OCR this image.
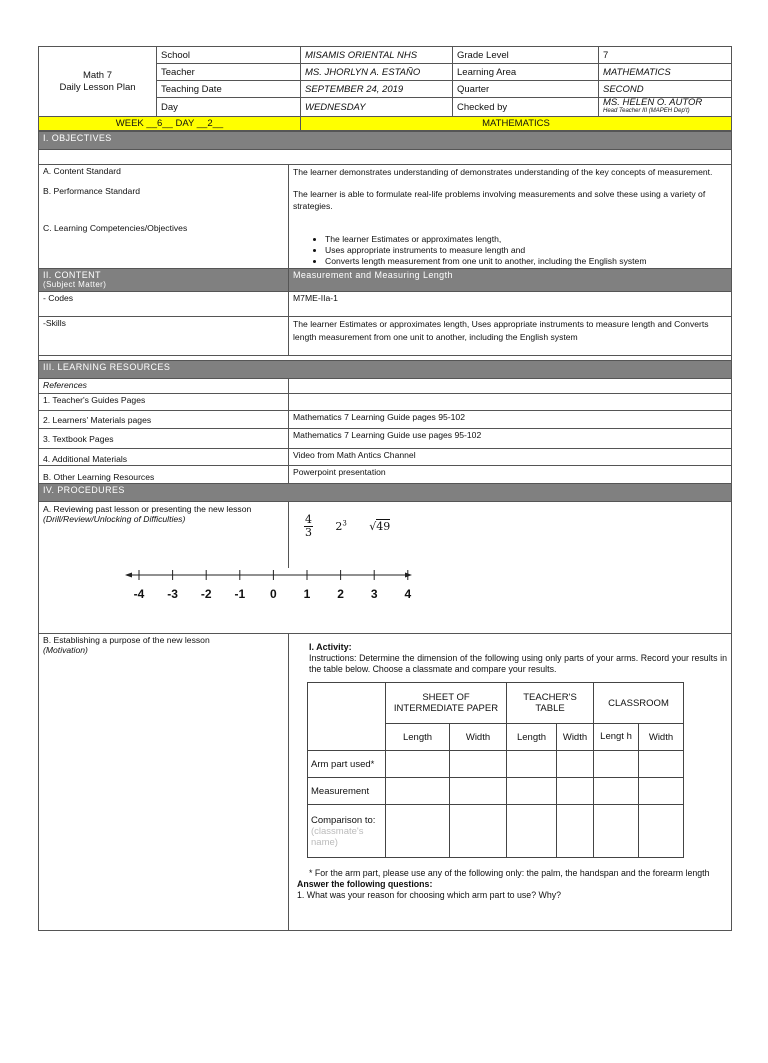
Math 7
Daily Lesson Plan	School	MISAMIS ORIENTAL NHS	Grade Level	7
	Teacher	MS. JHORLYN A. ESTAÑO	Learning Area	MATHEMATICS
	Teaching Date	SEPTEMBER 24, 2019	Quarter	SECOND
	Day	WEDNESDAY	Checked by	MS. HELEN O. AUTOR
Head Teacher III (MAPEH Dep't)

WEEK __6__ DAY __2__		MATHEMATICS		
I. OBJECTIVES

A. Content Standard	The learner demonstrates understanding of demonstrates understanding of the key concepts of measurement.
B. Performance Standard	The learner is able to formulate real-life problems involving measurements and solve these using a variety of strategies.
C. Learning Competencies/Objectives	
• The learner Estimates or approximates length,
• Uses appropriate instruments to measure length and
• Converts length measurement from one unit to another, including the English system

II. CONTENT
(Subject Matter)
	Measurement and Measuring Length
- Codes	M7ME-IIa-1
-Skills	The learner Estimates or approximates length, Uses appropriate instruments to measure length and Converts length measurement from one unit to another, including the English system

III. LEARNING RESOURCES
References	
1. Teacher's Guides Pages	
2. Learners' Materials pages	Mathematics 7 Learning Guide pages 95-102
3. Textbook Pages	Mathematics 7 Learning Guide use pages 95-102
4. Additional Materials	Video from Math Antics Channel
B. Other Learning Resources	Powerpoint presentation
IV. PROCEDURES

A. Reviewing past lesson or presenting the new lesson
(Drill/Review/Unlocking of Difficulties)	$\frac{4}{3} 2^3$ √49
-4 -3 -2 -1 0 1 2 3 4

B. Establishing a purpose of the new lesson
(Motivation)	I. Activity:
Instructions: Determine the dimension of the following using only parts of your arms. Record your results in the table below. Choose a classmate and compare your results.
	SHEET OF INTERMEDIATE PAPER	TEACHER'S TABLE	CLASSROOM
Length	Width	Length	Width	Lengt h	Width
Arm part used*						
Measurement						

Comparison to:
(classmate's name)

* For the arm part, please use any of the following only: the palm, the handspan and the forearm length
Answer the following questions:
1. What was your reason for choosing which arm part to use? Why?
